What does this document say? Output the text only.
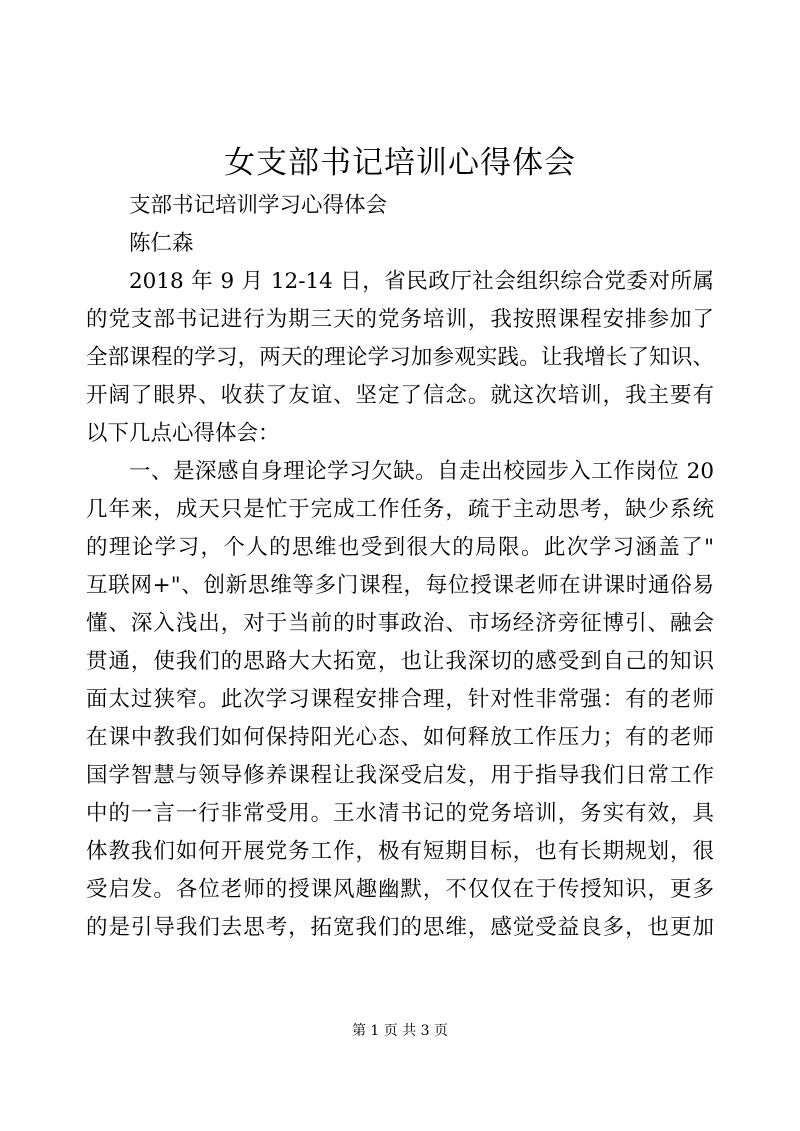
女支部书记培训心得体会
支部书记培训学习心得体会
陈仁森
2018 年 9 月 12-14 日，省民政厅社会组织综合党委对所属
的党支部书记进行为期三天的党务培训，我按照课程安排参加了
全部课程的学习，两天的理论学习加参观实践。让我增长了知识、
开阔了眼界、收获了友谊、坚定了信念。就这次培训，我主要有
以下几点心得体会：
一、是深感自身理论学习欠缺。自走出校园步入工作岗位 20
几年来，成天只是忙于完成工作任务，疏于主动思考，缺少系统
的理论学习，个人的思维也受到很大的局限。此次学习涵盖了"
互联网+"、创新思维等多门课程，每位授课老师在讲课时通俗易
懂、深入浅出，对于当前的时事政治、市场经济旁征博引、融会
贯通，使我们的思路大大拓宽，也让我深切的感受到自己的知识
面太过狭窄。此次学习课程安排合理，针对性非常强：有的老师
在课中教我们如何保持阳光心态、如何释放工作压力；有的老师
国学智慧与领导修养课程让我深受启发，用于指导我们日常工作
中的一言一行非常受用。王水清书记的党务培训，务实有效，具
体教我们如何开展党务工作，极有短期目标，也有长期规划，很
受启发。各位老师的授课风趣幽默，不仅仅在于传授知识，更多
的是引导我们去思考，拓宽我们的思维，感觉受益良多，也更加
第 1 页 共 3 页
